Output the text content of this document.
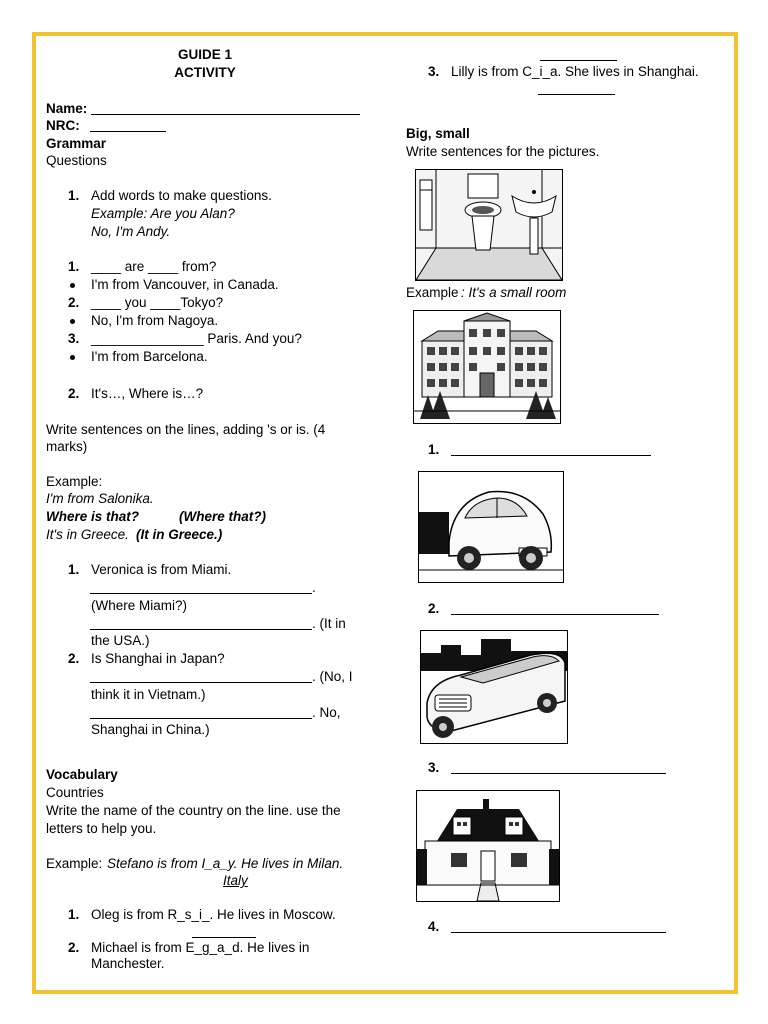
GUIDE 1
ACTIVITY
Name:
NRC:
Grammar
Questions
1. Add words to make questions.
Example: Are you Alan?
No, I'm Andy.
1. ____ are ____ from?
I'm from Vancouver, in Canada.
2. ____ you ____Tokyo?
No, I'm from Nagoya.
3. _______________ Paris. And you?
I'm from Barcelona.
2. It's…, Where is…?
Write sentences on the lines, adding 's or is. (4
marks)
Example:
I'm from Salonika.
Where is that?	(Where that?)
It's in Greece. (It in Greece.)
1. Veronica is from Miami.
.
(Where Miami?)
. (It in
the USA.)
2. Is Shanghai in Japan?
. (No, I
think it in Vietnam.)
. No,
Shanghai in China.)
Vocabulary
Countries
Write the name of the country on the line. use the
letters to help you.
Example: Stefano is from I_a_y. He lives in Milan.
Italy
1. Oleg is from R_s_i_. He lives in Moscow.
2. Michael is from E_g_a_d. He lives in
Manchester.
3. Lilly is from C_i_a. She lives in Shanghai.
Big, small
Write sentences for the pictures.
Example : It's a small room
1.
2.
3.
4.
